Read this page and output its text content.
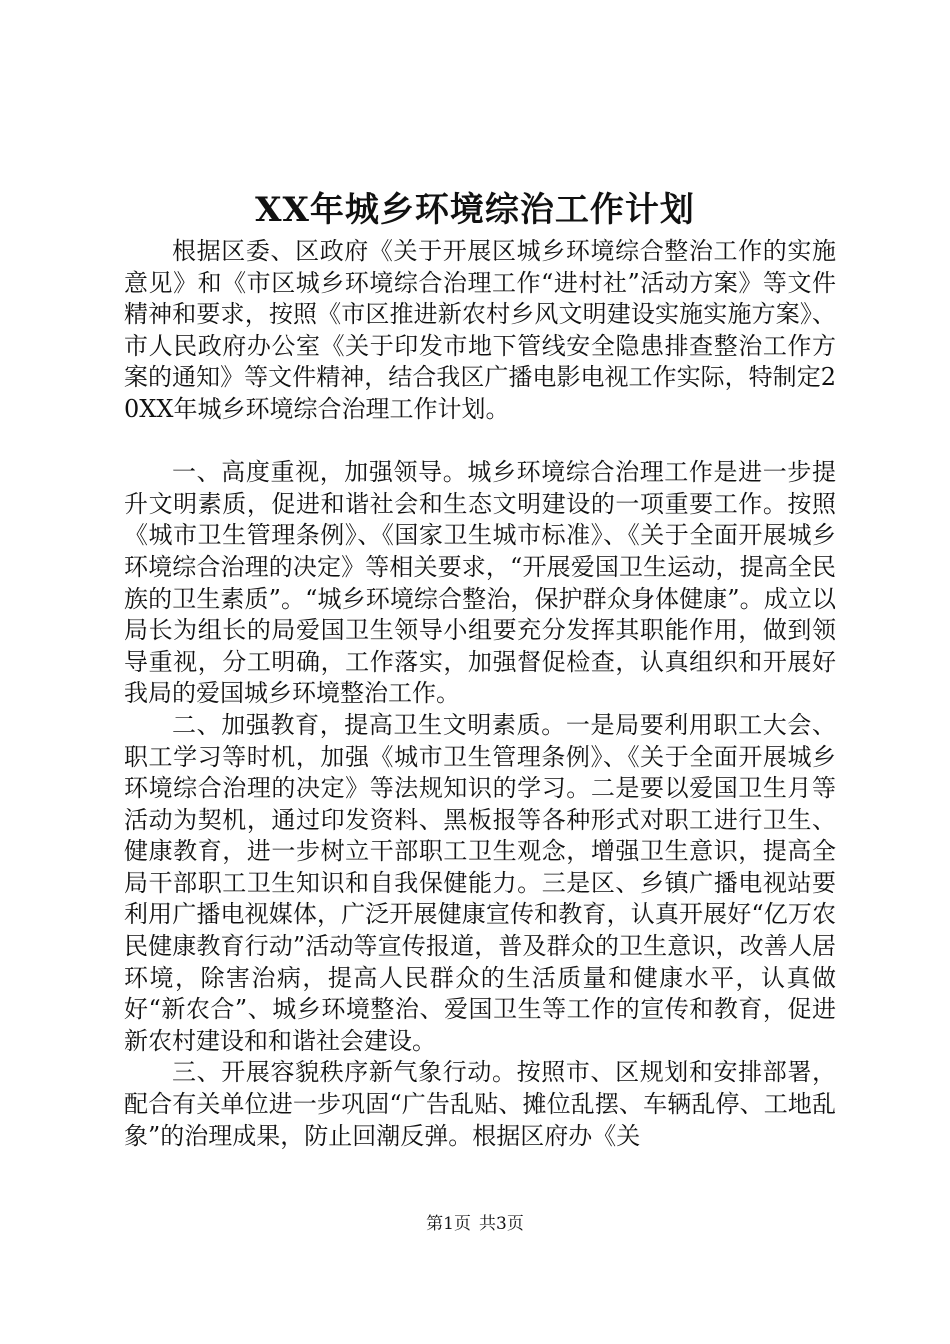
XX年城乡环境综治工作计划

根据区委、区政府《关于开展区城乡环境综合整治工作的实施意见》和《市区城乡环境综合治理工作“进村社”活动方案》等文件精神和要求，按照《市区推进新农村乡风文明建设实施实施方案》、市人民政府办公室《关于印发市地下管线安全隐患排查整治工作方案的通知》等文件精神，结合我区广播电影电视工作实际，特制定20XX年城乡环境综合治理工作计划。

一、高度重视，加强领导。城乡环境综合治理工作是进一步提升文明素质，促进和谐社会和生态文明建设的一项重要工作。按照《城市卫生管理条例》、《国家卫生城市标准》、《关于全面开展城乡环境综合治理的决定》等相关要求，“开展爱国卫生运动，提高全民族的卫生素质”。“城乡环境综合整治，保护群众身体健康”。成立以局长为组长的局爱国卫生领导小组要充分发挥其职能作用，做到领导重视，分工明确，工作落实，加强督促检查，认真组织和开展好我局的爱国城乡环境整治工作。

二、加强教育，提高卫生文明素质。一是局要利用职工大会、职工学习等时机，加强《城市卫生管理条例》、《关于全面开展城乡环境综合治理的决定》等法规知识的学习。二是要以爱国卫生月等活动为契机，通过印发资料、黑板报等各种形式对职工进行卫生、健康教育，进一步树立干部职工卫生观念，增强卫生意识，提高全局干部职工卫生知识和自我保健能力。三是区、乡镇广播电视站要利用广播电视媒体，广泛开展健康宣传和教育，认真开展好“亿万农民健康教育行动”活动等宣传报道，普及群众的卫生意识，改善人居环境，除害治病，提高人民群众的生活质量和健康水平，认真做好“新农合”、城乡环境整治、爱国卫生等工作的宣传和教育，促进新农村建设和和谐社会建设。

三、开展容貌秩序新气象行动。按照市、区规划和安排部署，配合有关单位进一步巩固“广告乱贴、摊位乱摆、车辆乱停、工地乱象”的治理成果，防止回潮反弹。根据区府办《关

第1页 共3页
